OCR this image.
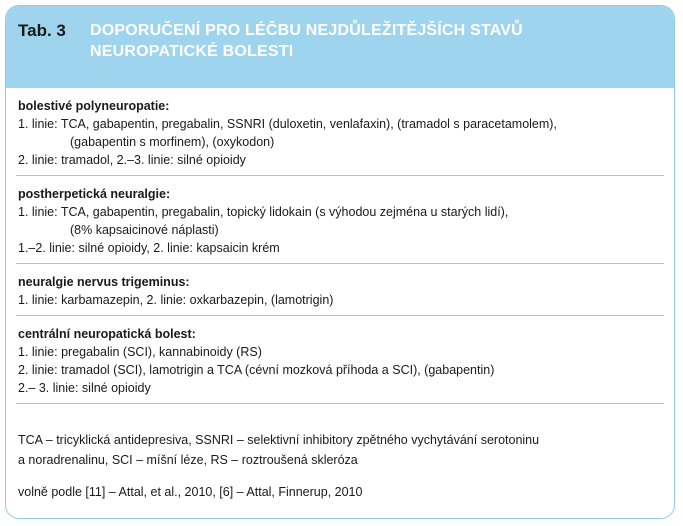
Tab. 3 DOPORUČENÍ PRO LÉČBU NEJDŮLEŽITĚJŠÍCH STAVŮ
NEUROPATICKÉ BOLESTI
bolestivé polyneuropatie:
1. linie: TCA, gabapentin, pregabalin, SSNRI (duloxetin, venlafaxin), (tramadol s paracetamolem),
(gabapentin s morfinem), (oxykodon)
2. linie: tramadol, 2.–3. linie: silné opioidy
postherpetická neuralgie:
1. linie: TCA, gabapentin, pregabalin, topický lidokain (s výhodou zejména u starých lidí),
(8% kapsaicinové náplasti)
1.–2. linie: silné opioidy, 2. linie: kapsaicin krém
neuralgie nervus trigeminus:
1. linie: karbamazepin, 2. linie: oxkarbazepin, (lamotrigin)
centrální neuropatická bolest:
1. linie: pregabalin (SCI), kannabinoidy (RS)
2. linie: tramadol (SCI), lamotrigin a TCA (cévní mozková příhoda a SCI), (gabapentin)
2.– 3. linie: silné opioidy
TCA – tricyklická antidepresiva, SSNRI – selektivní inhibitory zpětného vychytávání serotoninu
a noradrenalinu, SCI – míšní léze, RS – roztroušená skleróza
volně podle [11] – Attal, et al., 2010, [6] – Attal, Finnerup, 2010
